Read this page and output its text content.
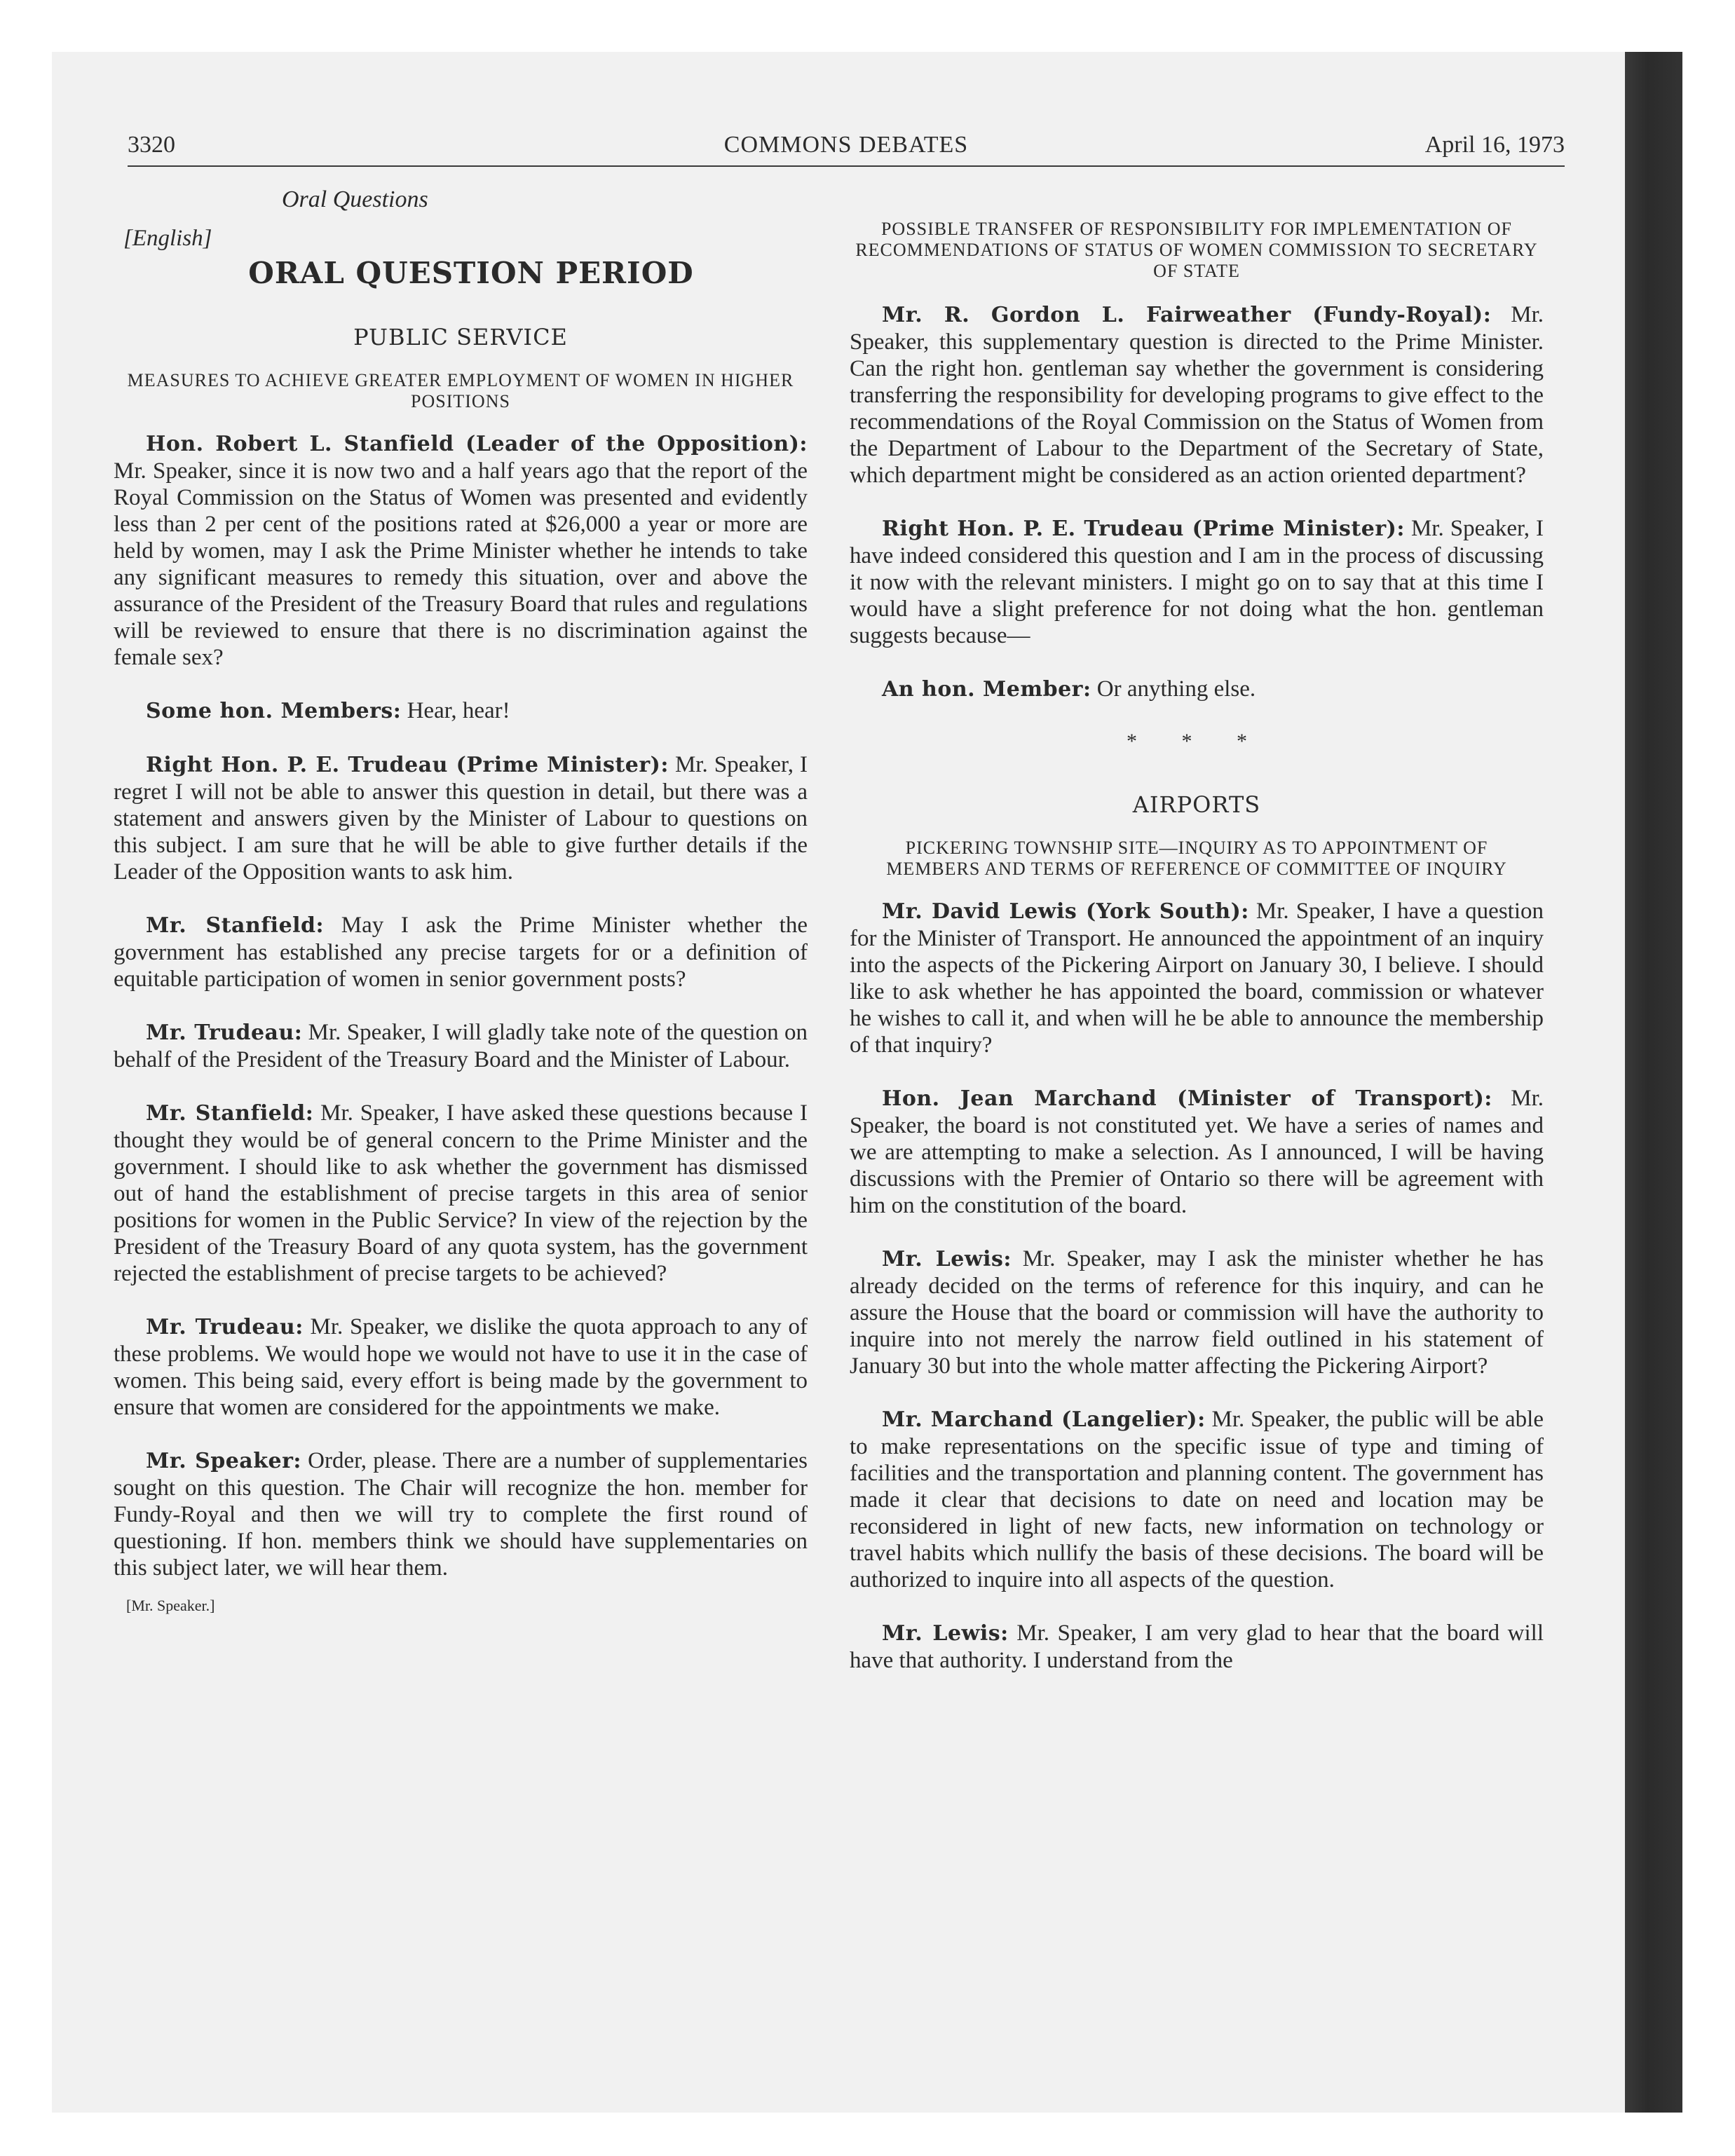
3320	COMMONS DEBATES	April 16, 1973
Oral Questions
[English]
ORAL QUESTION PERIOD
PUBLIC SERVICE
MEASURES TO ACHIEVE GREATER EMPLOYMENT OF WOMEN IN HIGHER POSITIONS

Hon. Robert L. Stanfield (Leader of the Opposition): Mr. Speaker, since it is now two and a half years ago that the report of the Royal Commission on the Status of Women was presented and evidently less than 2 per cent of the positions rated at $26,000 a year or more are held by women, may I ask the Prime Minister whether he intends to take any significant measures to remedy this situation, over and above the assurance of the President of the Treasury Board that rules and regulations will be reviewed to ensure that there is no discrimination against the female sex?

Some hon. Members: Hear, hear!

Right Hon. P. E. Trudeau (Prime Minister): Mr. Speaker, I regret I will not be able to answer this question in detail, but there was a statement and answers given by the Minister of Labour to questions on this subject. I am sure that he will be able to give further details if the Leader of the Opposition wants to ask him.

Mr. Stanfield: May I ask the Prime Minister whether the government has established any precise targets for or a definition of equitable participation of women in senior government posts?

Mr. Trudeau: Mr. Speaker, I will gladly take note of the question on behalf of the President of the Treasury Board and the Minister of Labour.

Mr. Stanfield: Mr. Speaker, I have asked these questions because I thought they would be of general concern to the Prime Minister and the government. I should like to ask whether the government has dismissed out of hand the establishment of precise targets in this area of senior positions for women in the Public Service? In view of the rejection by the President of the Treasury Board of any quota system, has the government rejected the establishment of precise targets to be achieved?

Mr. Trudeau: Mr. Speaker, we dislike the quota approach to any of these problems. We would hope we would not have to use it in the case of women. This being said, every effort is being made by the government to ensure that women are considered for the appointments we make.

Mr. Speaker: Order, please. There are a number of supplementaries sought on this question. The Chair will recognize the hon. member for Fundy-Royal and then we will try to complete the first round of questioning. If hon. members think we should have supplementaries on this subject later, we will hear them.

[Mr. Speaker.]
POSSIBLE TRANSFER OF RESPONSIBILITY FOR IMPLEMENTATION OF RECOMMENDATIONS OF STATUS OF WOMEN COMMISSION TO SECRETARY OF STATE

Mr. R. Gordon L. Fairweather (Fundy-Royal): Mr. Speaker, this supplementary question is directed to the Prime Minister. Can the right hon. gentleman say whether the government is considering transferring the responsibility for developing programs to give effect to the recommendations of the Royal Commission on the Status of Women from the Department of Labour to the Department of the Secretary of State, which department might be considered as an action oriented department?

Right Hon. P. E. Trudeau (Prime Minister): Mr. Speaker, I have indeed considered this question and I am in the process of discussing it now with the relevant ministers. I might go on to say that at this time I would have a slight preference for not doing what the hon. gentleman suggests because—

An hon. Member: Or anything else.

* * *
AIRPORTS
PICKERING TOWNSHIP SITE—INQUIRY AS TO APPOINTMENT OF MEMBERS AND TERMS OF REFERENCE OF COMMITTEE OF INQUIRY

Mr. David Lewis (York South): Mr. Speaker, I have a question for the Minister of Transport. He announced the appointment of an inquiry into the aspects of the Pickering Airport on January 30, I believe. I should like to ask whether he has appointed the board, commission or whatever he wishes to call it, and when will he be able to announce the membership of that inquiry?

Hon. Jean Marchand (Minister of Transport): Mr. Speaker, the board is not constituted yet. We have a series of names and we are attempting to make a selection. As I announced, I will be having discussions with the Premier of Ontario so there will be agreement with him on the constitution of the board.

Mr. Lewis: Mr. Speaker, may I ask the minister whether he has already decided on the terms of reference for this inquiry, and can he assure the House that the board or commission will have the authority to inquire into not merely the narrow field outlined in his statement of January 30 but into the whole matter affecting the Pickering Airport?

Mr. Marchand (Langelier): Mr. Speaker, the public will be able to make representations on the specific issue of type and timing of facilities and the transportation and planning content. The government has made it clear that decisions to date on need and location may be reconsidered in light of new facts, new information on technology or travel habits which nullify the basis of these decisions. The board will be authorized to inquire into all aspects of the question.

Mr. Lewis: Mr. Speaker, I am very glad to hear that the board will have that authority. I understand from the
